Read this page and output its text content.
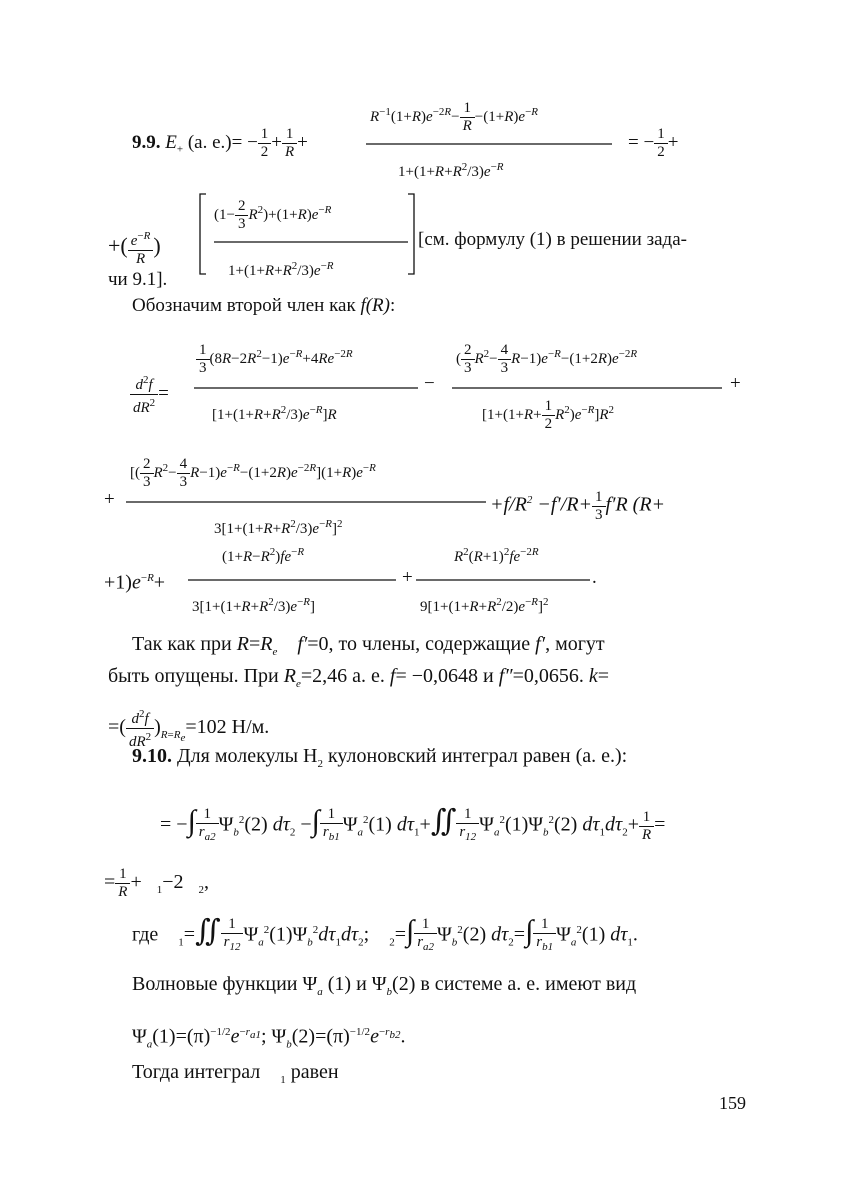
9.9. $E_+$ (а. $е.)= - \frac{1}{2} + \frac{1}{R}$ +
$R^{-1}(1+R)e^{-2R}- \frac{1}{R} -(1+R)e^{-R}$
$1+(1+R+R^2/3)e^{-R}$
= − $\frac{1}{2}$ +
+( $\frac{e^{-R}}{R}$ )
$(1- \frac{2}{3} R^2)+(1+R)e^{-R}$
$1+(1+R+R^2/3)e^{-R}$
[см. формулу (1) в решении зада-
чи 9.1].
Обозначим второй член как f(R):
$\frac{d^2f}{dR^2}$ =
$\frac{1}{3} (8R-2R^2-1)e^{-R}+4Re^{-2R}$
$[1+(1+R+R^2/3)e^{-R}]R$
−
( $\frac{2}{3} R^2- \frac{4}{3} R-1)e^{-R}-(1+2R)e^{-2R}$
$[1+(1+R+ \frac{1}{2} R^2)e^{-R}]R^2$
+
+
[( $\frac{2}{3} R^2- \frac{4}{3} R-1)e^{-R}-(1+2R)e^{-2R}](1+R)e^{-R}$
$3[1+(1+R+R^2/3)e^{-R}]^2$
$+f/R^2 -f'/R+ \frac{1}{3} f'R$ (R+
$+1)e^{-R}+$
$(1+R-R^2)fe^{-R}$
$3[1+(1+R+R^2/3)e^{-R}]$
+
$R^2(R+1)^2fe^{-2R}$
$9[1+(1+R+R^2/2)e^{-R}]^2$
.
Так как при $R=R_e$ f′=0, то члены, содержащие f′, могут
быть опущены. При $R_e=2,46$ а. е. f= −0,0648 и f″=0,0656. k=
=( $\frac{d^2f}{dR^2} )_{R=R_e}=102$ Н/м.
9.10. Для молекулы $H_2$ кулоновский интеграл равен (а. е.):
= −∫ $\frac{1}{r_{a2}} \Psi_b^2(2)$ $d\tau_2$ −∫ $\frac{1}{r_{b1}} \Psi_a^2(1)$ $d\tau_1+∬ \frac{1}{r_{12}} \Psi_a^2(1)\Psi_b^2(2)$ $d\tau_1d\tau_2+ \frac{1}{R}$ =
= $\frac{1}{R} + _1-2$   $_2$,
где $_1$=∬ $\frac{1}{r_{12}} \Psi_a^2(1)\Psi_b^2d\tau_1d\tau_2$;    $_2=\int \frac{1}{r_{a2}} \Psi_b^2(2)$ $d\tau_2=\int \frac{1}{r_{b1}} \Psi_a^2(1)$ $d\tau_1$.
Волновые функции $\Psi_a$ (1) и $\Psi_b(2)$ в системе а. е. имеют вид
$\Psi_a(1)=(\pi)^{-1/2}e^{-r_{a1}}$; $\Psi_b(2)=(\pi)^{-1/2}e^{-r_{b2}}$.
Тогда интеграл    $_1$ равен
159
